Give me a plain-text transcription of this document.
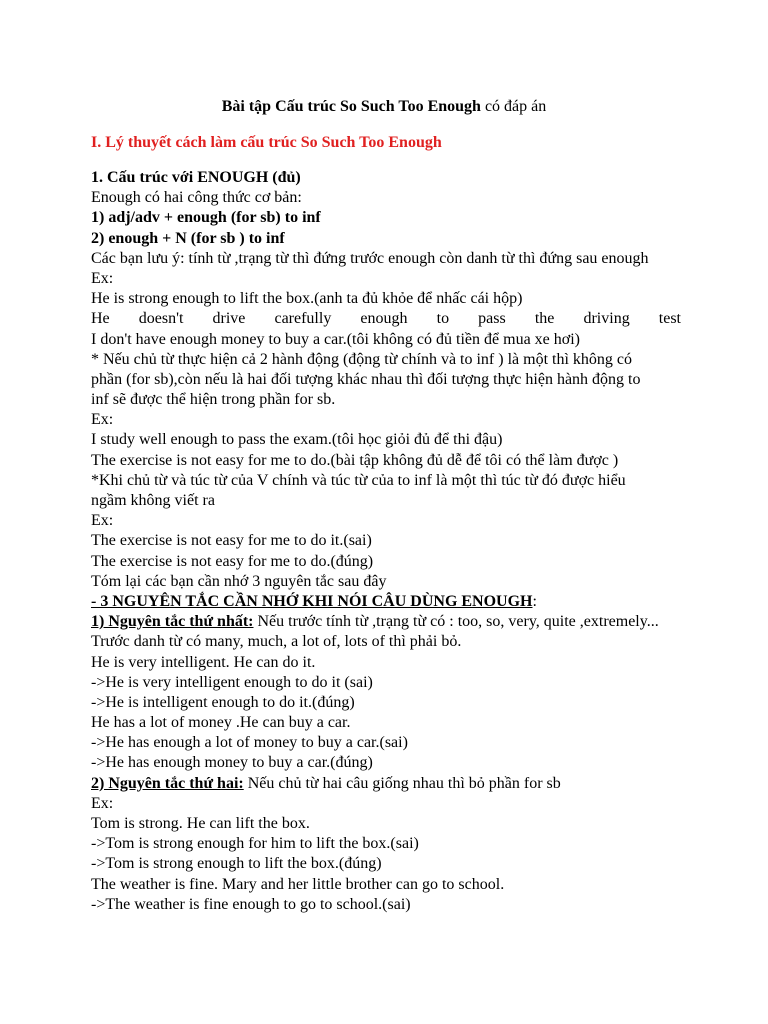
Bài tập Cấu trúc So Such Too Enough có đáp án
I. Lý thuyết cách làm cấu trúc So Such Too Enough
1. Cấu trúc với ENOUGH (đủ)
Enough có hai công thức cơ bản:
1) adj/adv + enough (for sb) to inf
2) enough + N (for sb ) to inf
Các bạn lưu ý: tính từ ,trạng từ thì đứng trước enough còn danh từ thì đứng sau enough
Ex:
He is strong enough to lift the box.(anh ta đủ khỏe để nhấc cái hộp)
He doesn't drive carefully enough to pass the driving test
I don't have enough money to buy a car.(tôi không có đủ tiền để mua xe hơi)
* Nếu chủ từ thực hiện cả 2 hành động (động từ chính và to inf ) là một thì không có
phần (for sb),còn nếu là hai đối tượng khác nhau thì đối tượng thực hiện hành động to
inf sẽ được thể hiện trong phần for sb.
Ex:
I study well enough to pass the exam.(tôi học giỏi đủ để thi đậu)
The exercise is not easy for me to do.(bài tập không đủ dễ để tôi có thể làm được )
*Khi chủ từ và túc từ của V chính và túc từ của to inf là một thì túc từ đó được hiểu
ngầm không viết ra
Ex:
The exercise is not easy for me to do it.(sai)
The exercise is not easy for me to do.(đúng)
Tóm lại các bạn cần nhớ 3 nguyên tắc sau đây
- 3 NGUYÊN TẮC CẦN NHỚ KHI NÓI CÂU DÙNG ENOUGH:
1) Nguyên tắc thứ nhất: Nếu trước tính từ ,trạng từ có : too, so, very, quite ,extremely...
Trước danh từ có many, much, a lot of, lots of thì phải bỏ.
He is very intelligent. He can do it.
->He is very intelligent enough to do it (sai)
->He is intelligent enough to do it.(đúng)
He has a lot of money .He can buy a car.
->He has enough a lot of money to buy a car.(sai)
->He has enough money to buy a car.(đúng)
2) Nguyên tắc thứ hai: Nếu chủ từ hai câu giống nhau thì bỏ phần for sb
Ex:
Tom is strong. He can lift the box.
->Tom is strong enough for him to lift the box.(sai)
->Tom is strong enough to lift the box.(đúng)
The weather is fine. Mary and her little brother can go to school.
->The weather is fine enough to go to school.(sai)
